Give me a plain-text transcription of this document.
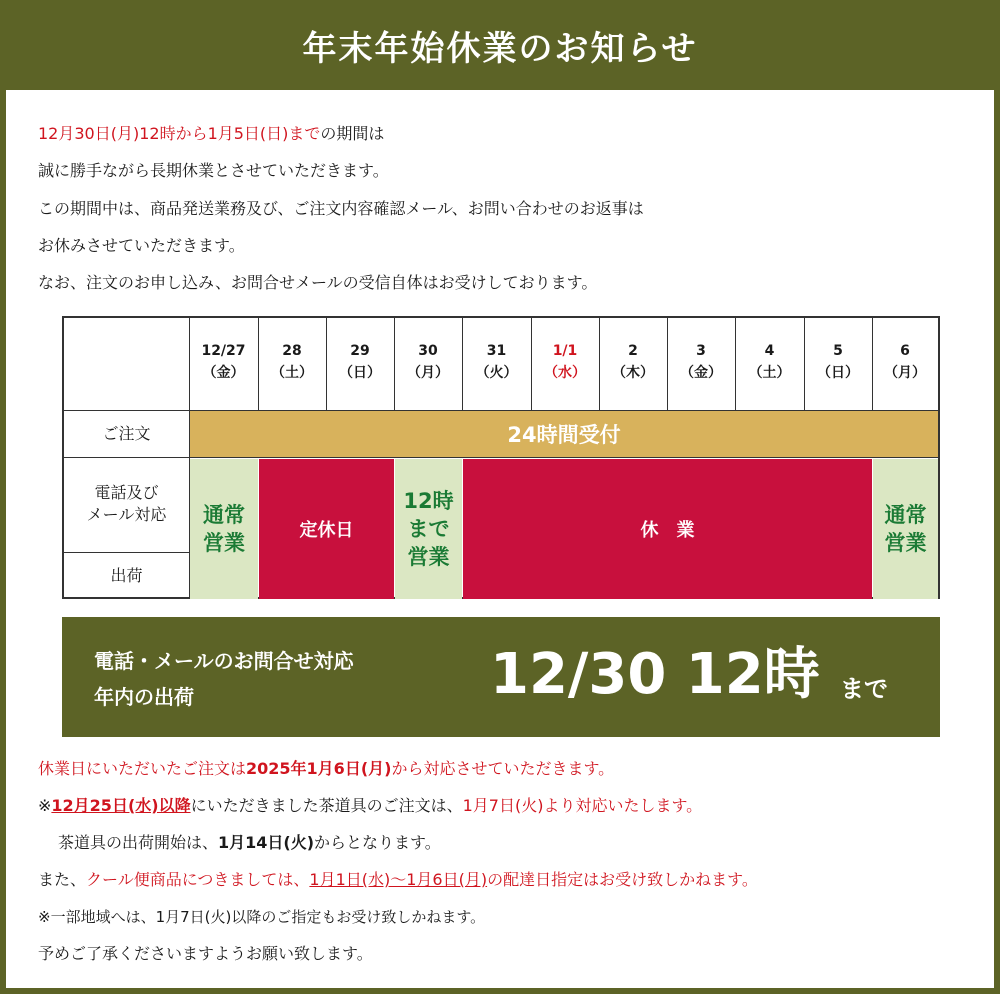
年末年始休業のお知らせ
12月30日(月)12時から1月5日(日)までの期間は
誠に勝手ながら長期休業とさせていただきます。
この期間中は、商品発送業務及び、ご注文内容確認メール、お問い合わせのお返事は
お休みさせていただきます。
なお、注文のお申し込み、お問合せメールの受信自体はお受けしております。
12/27
（金）
28
（土）
29
（日）
30
（月）
31
（火）
1/1
（水）
2
（木）
3
（金）
4
（土）
5
（日）
6
（月）
ご注文
電話及び
メール対応
出荷
24時間受付
通常
営業
定休日
12時
まで
営業
休　業
通常
営業
電話・メールのお問合せ対応
年内の出荷	12/30 12時 まで
休業日にいただいたご注文は2025年1月6日(月)から対応させていただきます。
※12月25日(水)以降にいただきました茶道具のご注文は、1月7日(火)より対応いたします。
茶道具の出荷開始は、1月14日(火)からとなります。
また、クール便商品につきましては、1月1日(水)〜1月6日(月)の配達日指定はお受け致しかねます。
※一部地域へは、1月7日(火)以降のご指定もお受け致しかねます。
予めご了承くださいますようお願い致します。
